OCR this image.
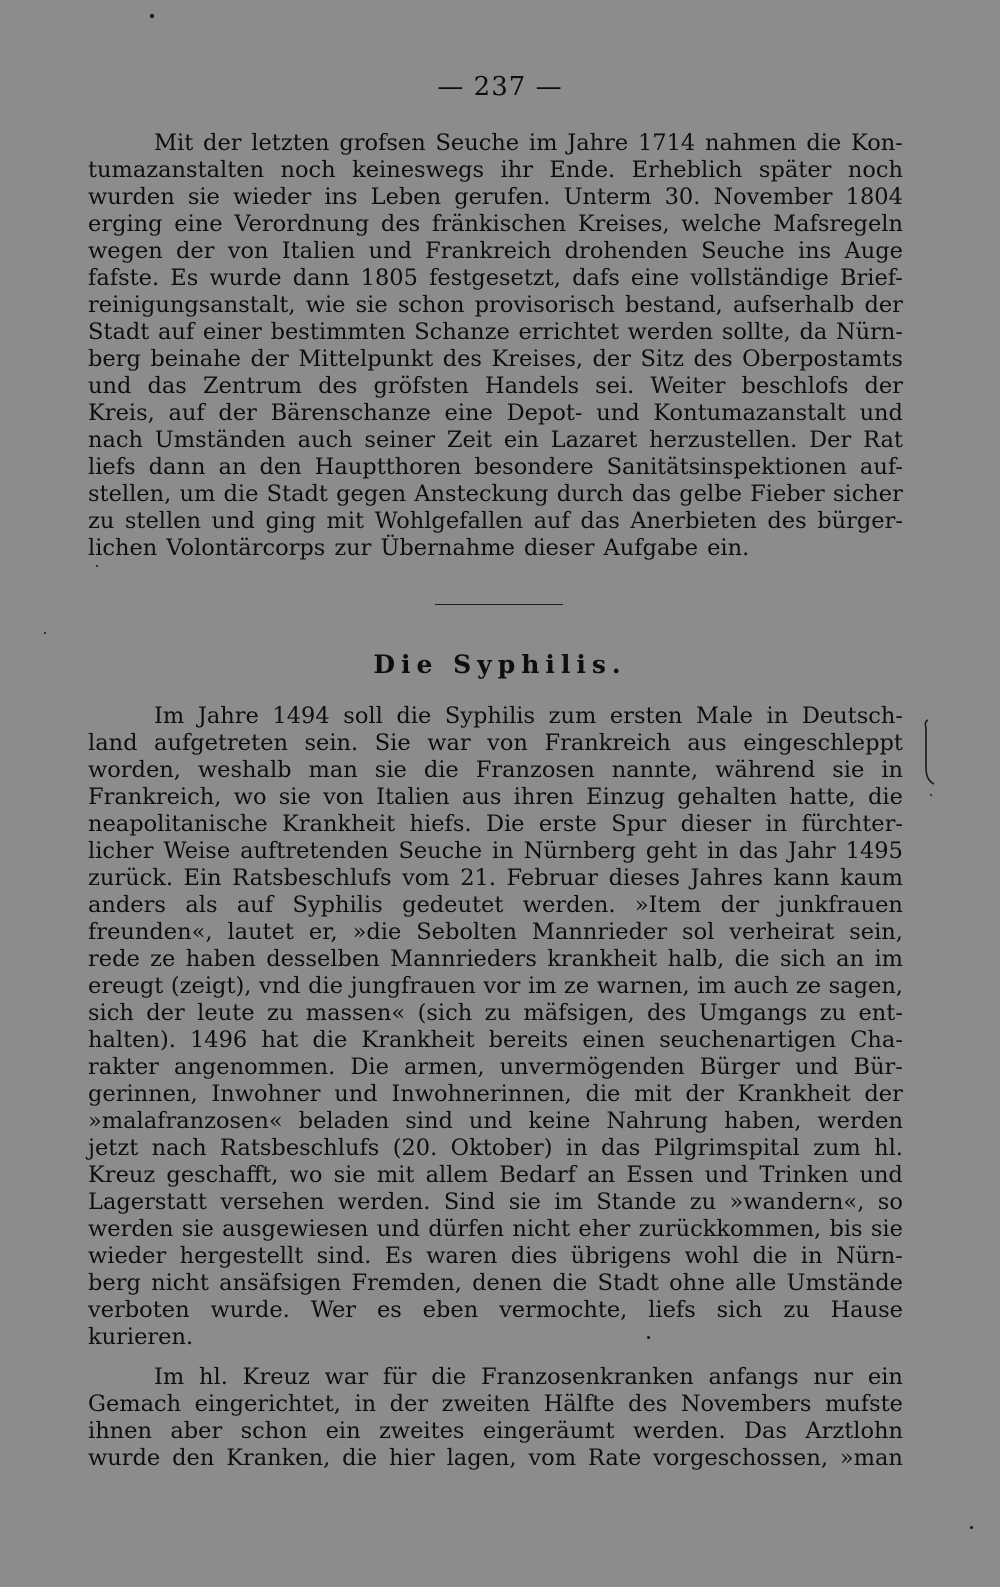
— 237 —
Mit der letzten grofsen Seuche im Jahre 1714 nahmen die Kon-
tumazanstalten noch keineswegs ihr Ende. Erheblich später noch
wurden sie wieder ins Leben gerufen. Unterm 30. November 1804
erging eine Verordnung des fränkischen Kreises, welche Mafsregeln
wegen der von Italien und Frankreich drohenden Seuche ins Auge
fafste. Es wurde dann 1805 festgesetzt, dafs eine vollständige Brief-
reinigungsanstalt, wie sie schon provisorisch bestand, aufserhalb der
Stadt auf einer bestimmten Schanze errichtet werden sollte, da Nürn-
berg beinahe der Mittelpunkt des Kreises, der Sitz des Oberpostamts
und das Zentrum des gröfsten Handels sei. Weiter beschlofs der
Kreis, auf der Bärenschanze eine Depot- und Kontumazanstalt und
nach Umständen auch seiner Zeit ein Lazaret herzustellen. Der Rat
liefs dann an den Hauptthoren besondere Sanitätsinspektionen auf-
stellen, um die Stadt gegen Ansteckung durch das gelbe Fieber sicher
zu stellen und ging mit Wohlgefallen auf das Anerbieten des bürger-
lichen Volontärcorps zur Übernahme dieser Aufgabe ein.
Die Syphilis.
Im Jahre 1494 soll die Syphilis zum ersten Male in Deutsch-
land aufgetreten sein. Sie war von Frankreich aus eingeschleppt
worden, weshalb man sie die Franzosen nannte, während sie in
Frankreich, wo sie von Italien aus ihren Einzug gehalten hatte, die
neapolitanische Krankheit hiefs. Die erste Spur dieser in fürchter-
licher Weise auftretenden Seuche in Nürnberg geht in das Jahr 1495
zurück. Ein Ratsbeschlufs vom 21. Februar dieses Jahres kann kaum
anders als auf Syphilis gedeutet werden. »Item der junkfrauen
freunden«, lautet er, »die Sebolten Mannrieder sol verheirat sein,
rede ze haben desselben Mannrieders krankheit halb, die sich an im
ereugt (zeigt), vnd die jungfrauen vor im ze warnen, im auch ze sagen,
sich der leute zu massen« (sich zu mäfsigen, des Umgangs zu ent-
halten). 1496 hat die Krankheit bereits einen seuchenartigen Cha-
rakter angenommen. Die armen, unvermögenden Bürger und Bür-
gerinnen, Inwohner und Inwohnerinnen, die mit der Krankheit der
»malafranzosen« beladen sind und keine Nahrung haben, werden
jetzt nach Ratsbeschlufs (20. Oktober) in das Pilgrimspital zum hl.
Kreuz geschafft, wo sie mit allem Bedarf an Essen und Trinken und
Lagerstatt versehen werden. Sind sie im Stande zu »wandern«, so
werden sie ausgewiesen und dürfen nicht eher zurückkommen, bis sie
wieder hergestellt sind. Es waren dies übrigens wohl die in Nürn-
berg nicht ansäfsigen Fremden, denen die Stadt ohne alle Umstände
verboten wurde. Wer es eben vermochte, liefs sich zu Hause
kurieren.
Im hl. Kreuz war für die Franzosenkranken anfangs nur ein
Gemach eingerichtet, in der zweiten Hälfte des Novembers mufste
ihnen aber schon ein zweites eingeräumt werden. Das Arztlohn
wurde den Kranken, die hier lagen, vom Rate vorgeschossen, »man
